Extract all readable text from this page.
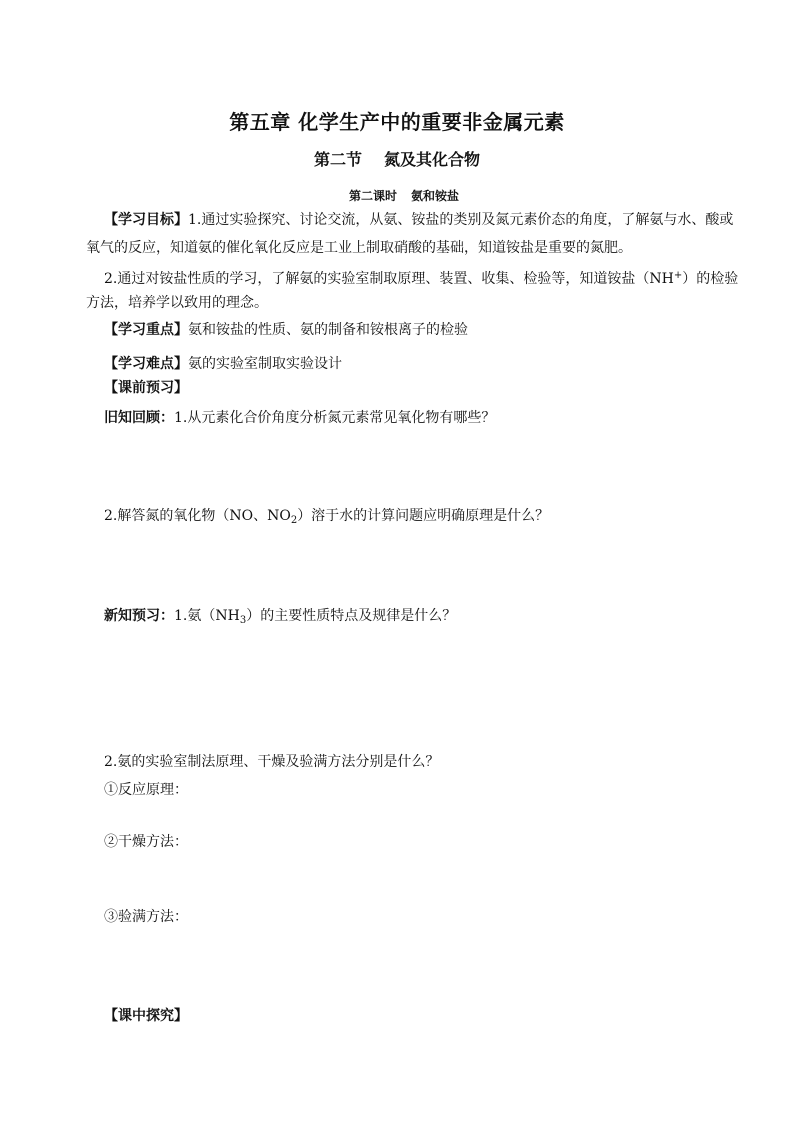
第五章 化学生产中的重要非金属元素
第二节 氮及其化合物
第二课时 氨和铵盐
【学习目标】1.通过实验探究、讨论交流，从氨、铵盐的类别及氮元素价态的角度，了解氨与水、酸或
氧气的反应，知道氨的催化氧化反应是工业上制取硝酸的基础，知道铵盐是重要的氮肥。
2.通过对铵盐性质的学习，了解氨的实验室制取原理、装置、收集、检验等，知道铵盐（NH+）的检验
方法，培养学以致用的理念。
【学习重点】氨和铵盐的性质、氨的制备和铵根离子的检验
【学习难点】氨的实验室制取实验设计
【课前预习】
旧知回顾：1.从元素化合价角度分析氮元素常见氧化物有哪些？
2.解答氮的氧化物（NO、$NO_2$）溶于水的计算问题应明确原理是什么？
新知预习：1.氨$(NH_3)$的主要性质特点及规律是什么？
2.氨的实验室制法原理、干燥及验满方法分别是什么？
①反应原理：
②干燥方法：
③验满方法：
【课中探究】
